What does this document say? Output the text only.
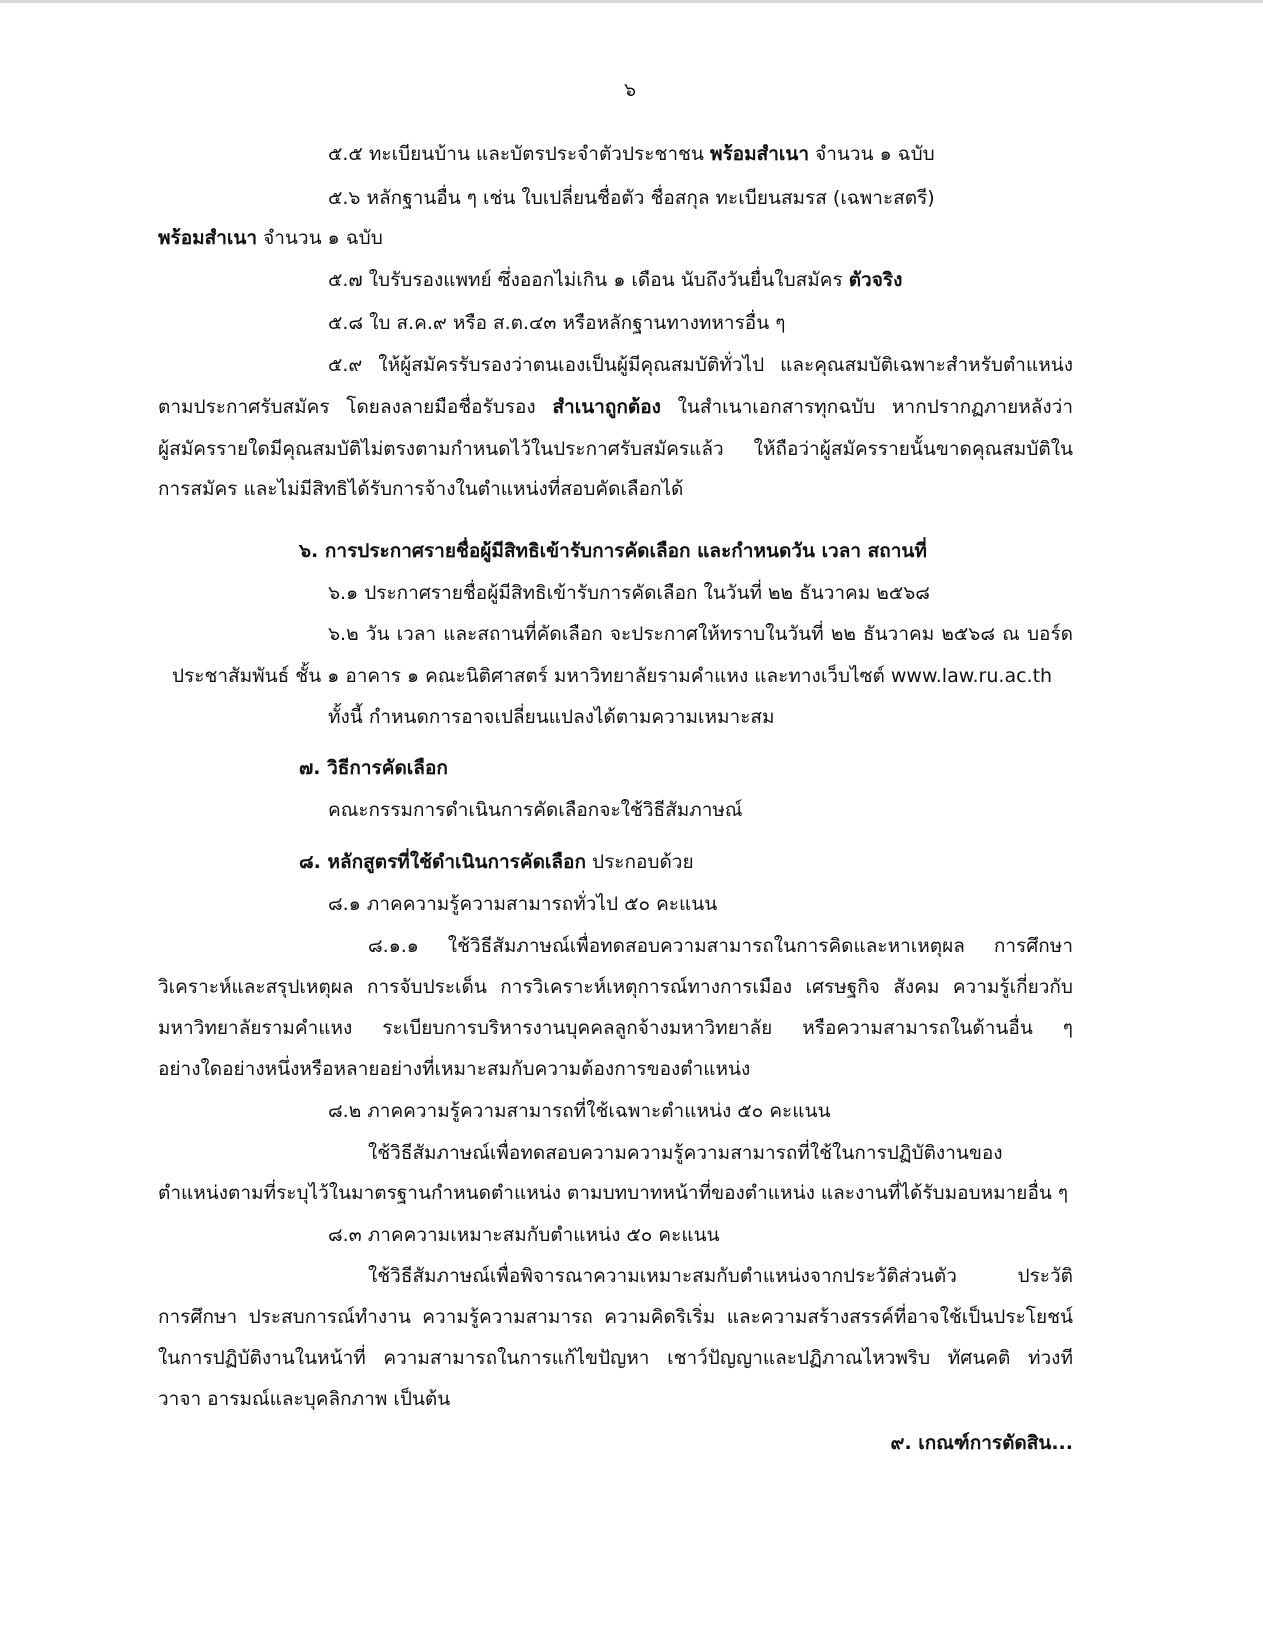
๖
๕.๕ ทะเบียนบ้าน และบัตรประจำตัวประชาชน พร้อมสำเนา จำนวน ๑ ฉบับ
๕.๖ หลักฐานอื่น ๆ เช่น ใบเปลี่ยนชื่อตัว ชื่อสกุล ทะเบียนสมรส (เฉพาะสตรี)
พร้อมสำเนา จำนวน ๑ ฉบับ
๕.๗ ใบรับรองแพทย์ ซึ่งออกไม่เกิน ๑ เดือน นับถึงวันยื่นใบสมัคร ตัวจริง
๕.๘ ใบ ส.ค.๙ หรือ ส.ต.๔๓ หรือหลักฐานทางทหารอื่น ๆ
๕.๙ ให้ผู้สมัครรับรองว่าตนเองเป็นผู้มีคุณสมบัติทั่วไป และคุณสมบัติเฉพาะสำหรับตำแหน่ง
ตามประกาศรับสมัคร โดยลงลายมือชื่อรับรอง สำเนาถูกต้อง ในสำเนาเอกสารทุกฉบับ หากปรากฏภายหลังว่า
ผู้สมัครรายใดมีคุณสมบัติไม่ตรงตามกำหนดไว้ในประกาศรับสมัครแล้ว ให้ถือว่าผู้สมัครรายนั้นขาดคุณสมบัติใน
การสมัคร และไม่มีสิทธิได้รับการจ้างในตำแหน่งที่สอบคัดเลือกได้
๖. การประกาศรายชื่อผู้มีสิทธิเข้ารับการคัดเลือก และกำหนดวัน เวลา สถานที่
๖.๑ ประกาศรายชื่อผู้มีสิทธิเข้ารับการคัดเลือก ในวันที่ ๒๒ ธันวาคม ๒๕๖๘
๖.๒ วัน เวลา และสถานที่คัดเลือก จะประกาศให้ทราบในวันที่ ๒๒ ธันวาคม ๒๕๖๘ ณ บอร์ด
ประชาสัมพันธ์ ชั้น ๑ อาคาร ๑ คณะนิติศาสตร์ มหาวิทยาลัยรามคำแหง และทางเว็บไซต์ www.law.ru.ac.th
ทั้งนี้ กำหนดการอาจเปลี่ยนแปลงได้ตามความเหมาะสม
๗. วิธีการคัดเลือก
คณะกรรมการดำเนินการคัดเลือกจะใช้วิธีสัมภาษณ์
๘. หลักสูตรที่ใช้ดำเนินการคัดเลือก ประกอบด้วย
๘.๑ ภาคความรู้ความสามารถทั่วไป ๕๐ คะแนน
๘.๑.๑ ใช้วิธีสัมภาษณ์เพื่อทดสอบความสามารถในการคิดและหาเหตุผล การศึกษา
วิเคราะห์และสรุปเหตุผล การจับประเด็น การวิเคราะห์เหตุการณ์ทางการเมือง เศรษฐกิจ สังคม ความรู้เกี่ยวกับ
มหาวิทยาลัยรามคำแหง ระเบียบการบริหารงานบุคคลลูกจ้างมหาวิทยาลัย หรือความสามารถในด้านอื่น ๆ
อย่างใดอย่างหนึ่งหรือหลายอย่างที่เหมาะสมกับความต้องการของตำแหน่ง
๘.๒ ภาคความรู้ความสามารถที่ใช้เฉพาะตำแหน่ง ๕๐ คะแนน
ใช้วิธีสัมภาษณ์เพื่อทดสอบความความรู้ความสามารถที่ใช้ในการปฏิบัติงานของ
ตำแหน่งตามที่ระบุไว้ในมาตรฐานกำหนดตำแหน่ง ตามบทบาทหน้าที่ของตำแหน่ง และงานที่ได้รับมอบหมายอื่น ๆ
๘.๓ ภาคความเหมาะสมกับตำแหน่ง ๕๐ คะแนน
ใช้วิธีสัมภาษณ์เพื่อพิจารณาความเหมาะสมกับตำแหน่งจากประวัติส่วนตัว ประวัติ
การศึกษา ประสบการณ์ทำงาน ความรู้ความสามารถ ความคิดริเริ่ม และความสร้างสรรค์ที่อาจใช้เป็นประโยชน์
ในการปฏิบัติงานในหน้าที่ ความสามารถในการแก้ไขปัญหา เชาว์ปัญญาและปฏิภาณไหวพริบ ทัศนคติ ท่วงที
วาจา อารมณ์และบุคลิกภาพ เป็นต้น
๙. เกณฑ์การตัดสิน...
